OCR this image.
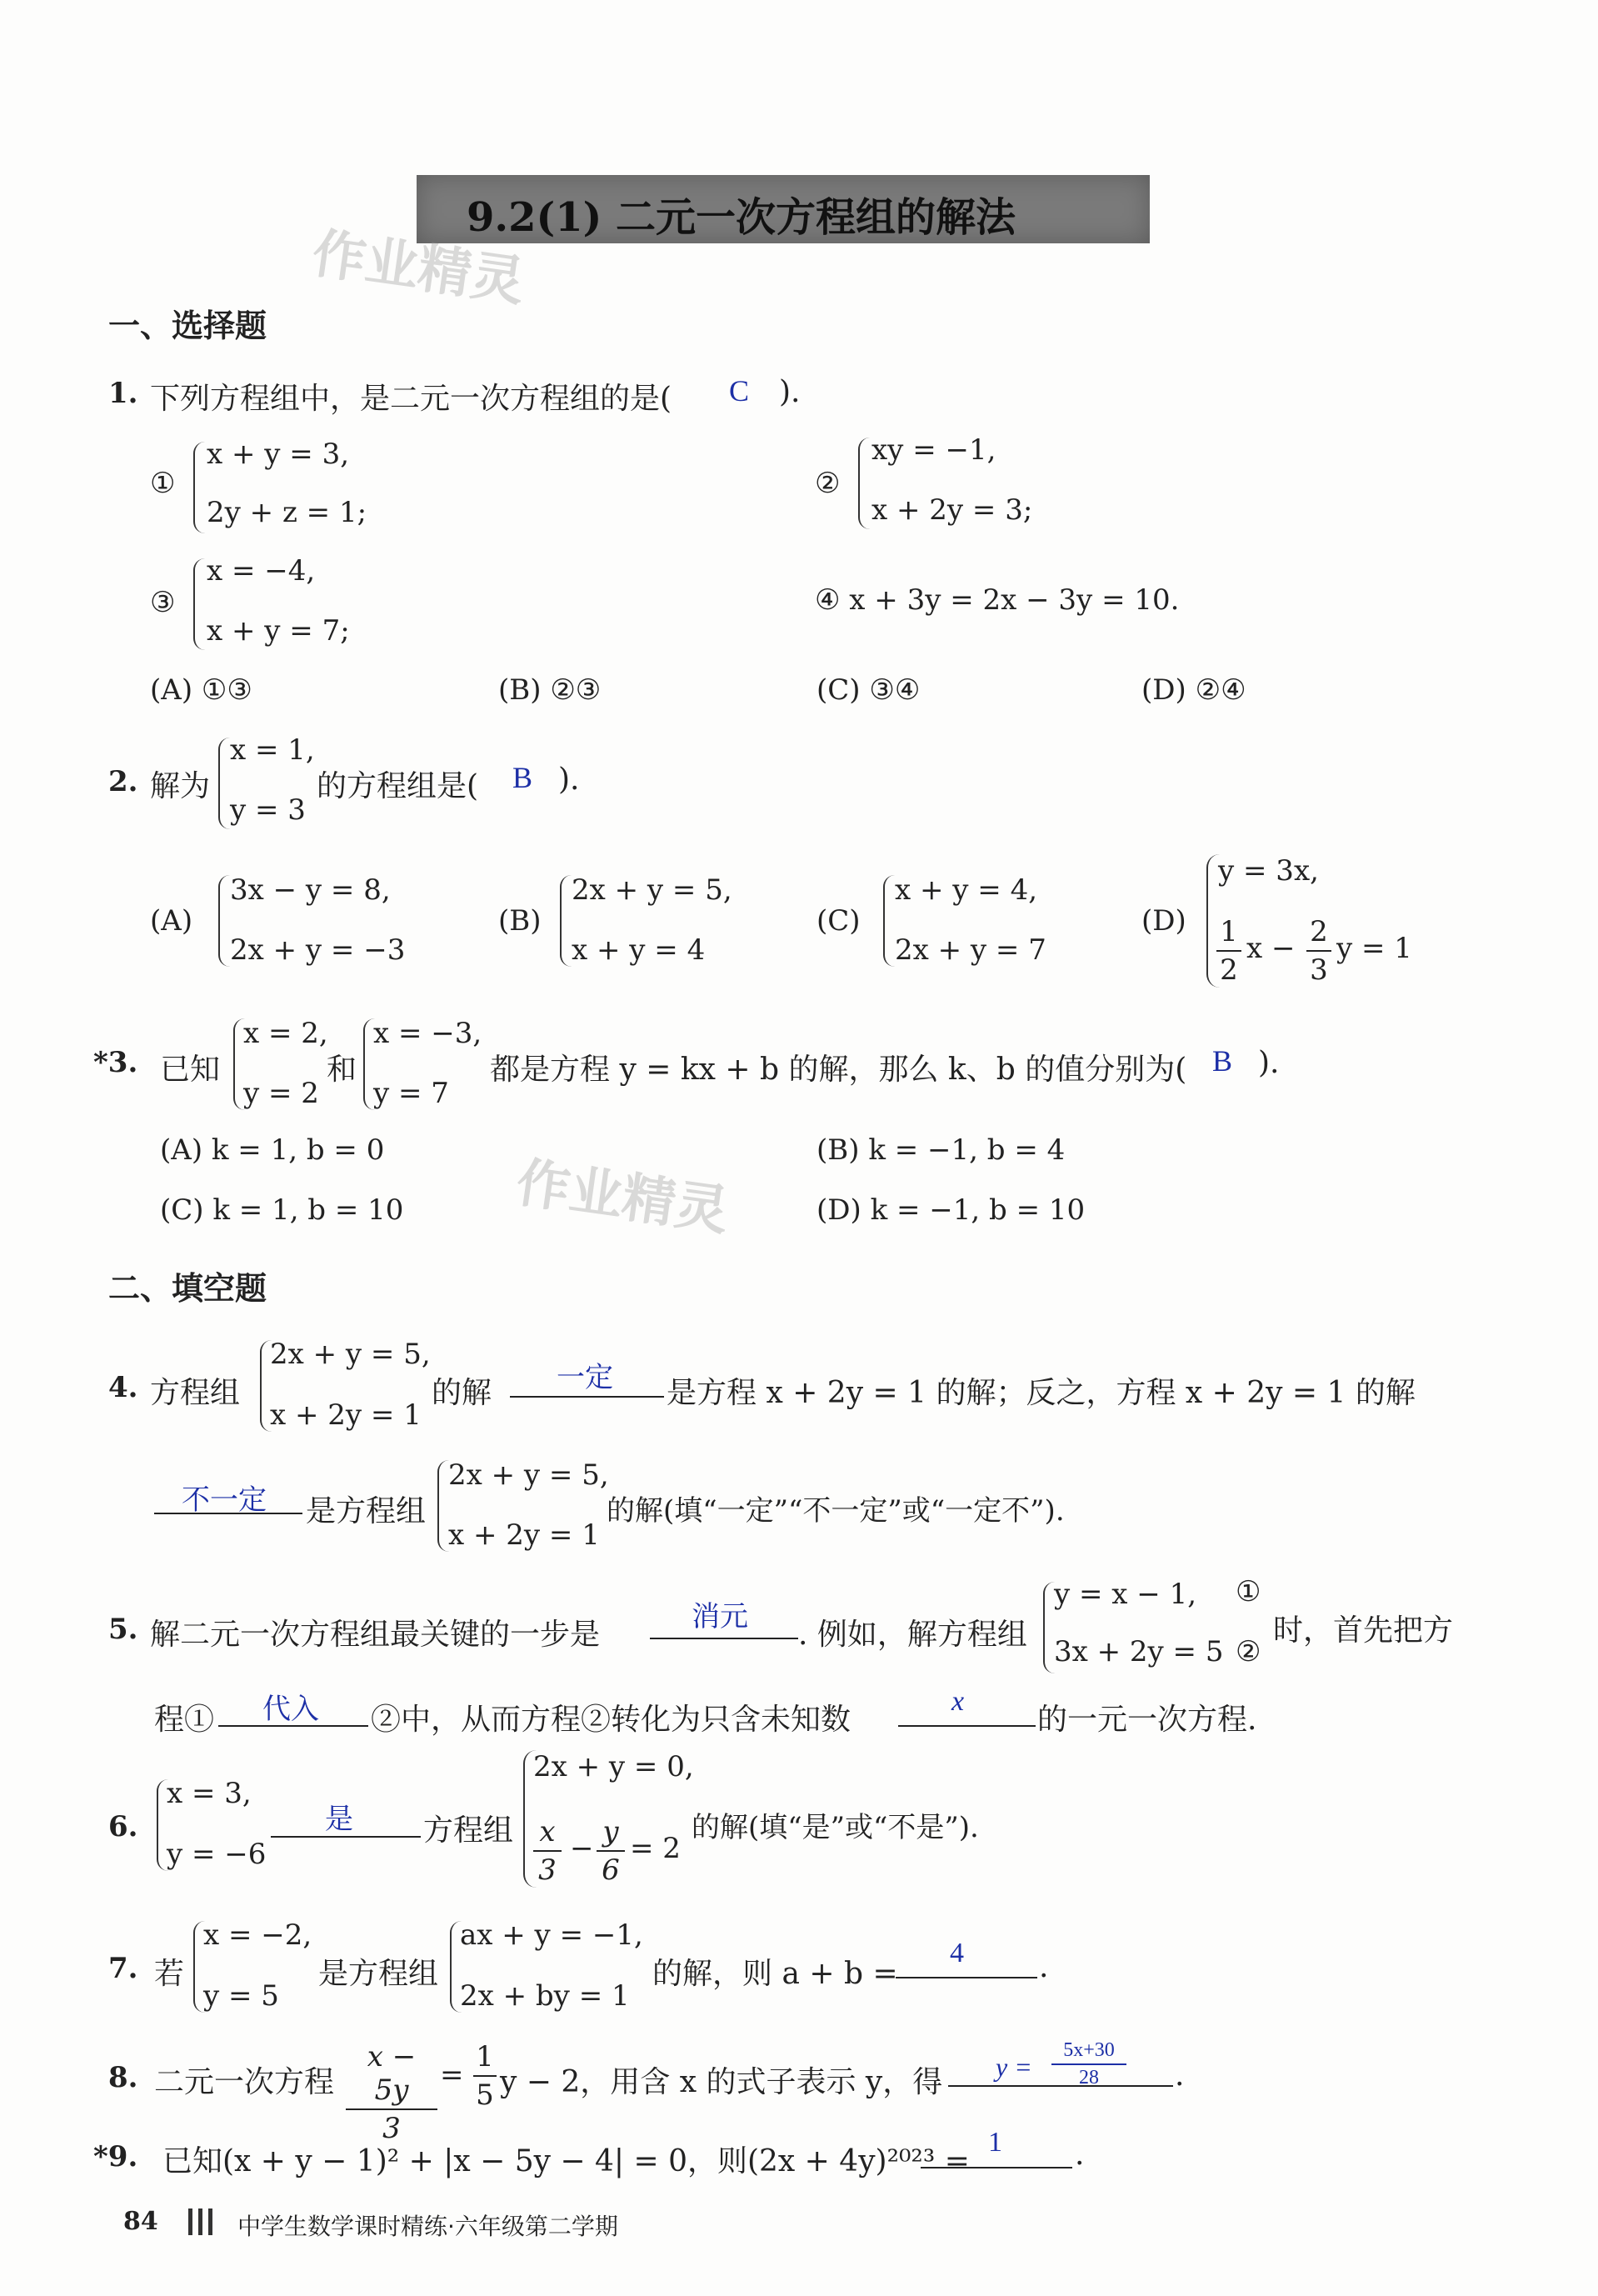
9.2(1) 二元一次方程组的解法
作业精灵
作业精灵
一、选择题
1. 下列方程组中，是二元一次方程组的是( C ).
①
x + y = 3,
2y + z = 1;
②
xy = −1,
x + 2y = 3;
③
x = −4,
x + y = 7;
④ x + 3y = 2x − 3y = 10.
(A) ①③	(B) ②③	(C) ③④	(D) ②④
2. 解为
x = 1,
y = 3
的方程组是( B ).
(A)
3x − y = 8,
2x + y = −3
(B)
2x + y = 5,
x + y = 4
(C)
x + y = 4,
2x + y = 7
(D)
y = 3x,
1
2
x − 2
3
y = 1
*3. 已知
x = 2,
y = 2
和
x = −3,
y = 7
都是方程 y = kx + b 的解，那么 k、b 的值分别为( B ).
(A) k = 1, b = 0	(B) k = −1, b = 4
(C) k = 1, b = 10	(D) k = −1, b = 10
二、填空题
4. 方程组
2x + y = 5,
x + 2y = 1
的解 一定 是方程 x + 2y = 1 的解；反之，方程 x + 2y = 1 的解
不一定 是方程组
2x + y = 5,
x + 2y = 1
的解(填“一定”“不一定”或“一定不”).
5. 解二元一次方程组最关键的一步是
消元
. 例如，解方程组
y = x − 1, ①
3x + 2y = 5 ②
时，首先把方
程① 代入 ②中，从而方程②转化为只含未知数
x
的一元一次方程.
6.
x = 3,
y = −6
是 方程组
2x + y = 0,
x
3
− y
6
= 2
的解(填“是”或“不是”).
7. 若
x = −2,
y = 5
是方程组
ax + y = −1,
2x + by = 1
的解，则 a + b =
4	.
8. 二元一次方程
x − 5y
3
=
1
5 y − 2，用含 x 的式子表示 y，得 y =
5x+30
28	.
*9. 已知(x + y − 1)² + |x − 5y − 4| = 0，则(2x + 4y)²⁰²³ =
1 .
84	中学生数学课时精练·六年级第二学期
